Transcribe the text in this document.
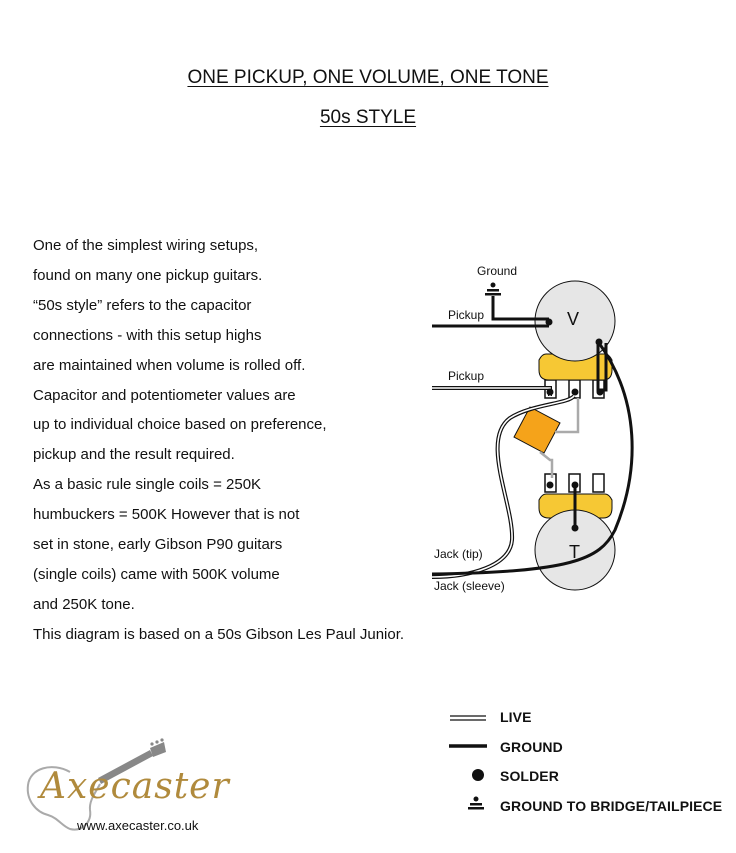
ONE PICKUP, ONE VOLUME, ONE TONE
50s STYLE
One of the simplest wiring setups,
found on many one pickup guitars.
“50s style” refers to the capacitor
connections - with this setup highs
are maintained when volume is rolled off.
Capacitor and potentiometer values are
up to individual choice based on preference,
pickup and the result required.
As a basic rule single coils = 250K
humbuckers = 500K However that is not
set in stone, early Gibson P90 guitars
(single coils) came with 500K volume
and 250K tone.
This diagram is based on a 50s Gibson Les Paul Junior.
Ground
Pickup
Pickup
V
T
Jack (tip)
Jack (sleeve)
LIVE
GROUND
SOLDER
GROUND TO BRIDGE/TAILPIECE
Axecaster
www.axecaster.co.uk
